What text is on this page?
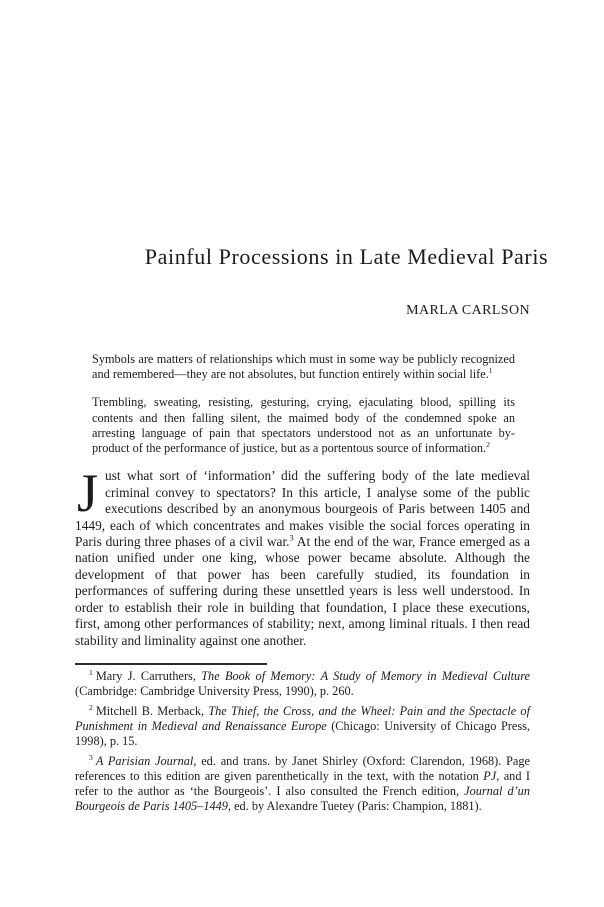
Painful Processions in Late Medieval Paris
MARLA CARLSON

Symbols are matters of relationships which must in some way be publicly recognized and remembered—they are not absolutes, but function entirely within social life.$^1$

Trembling, sweating, resisting, gesturing, crying, ejaculating blood, spilling its contents and then falling silent, the maimed body of the condemned spoke an arresting language of pain that spectators understood not as an unfortunate by-product of the performance of justice, but as a portentous source of information.$^2$

Just what sort of ‘information’ did the suffering body of the late medieval criminal convey to spectators? In this article, I analyse some of the public executions described by an anonymous bourgeois of Paris between 1405 and 1449, each of which concentrates and makes visible the social forces operating in Paris during three phases of a civil war.$^3$ At the end of the war, France emerged as a nation unified under one king, whose power became absolute. Although the development of that power has been carefully studied, its foundation in performances of suffering during these unsettled years is less well understood. In order to establish their role in building that foundation, I place these executions, first, among other performances of stability; next, among liminal rituals. I then read stability and liminality against one another.

$^1$ Mary J. Carruthers, The Book of Memory: A Study of Memory in Medieval Culture (Cambridge: Cambridge University Press, 1990), p. 260.

$^2$ Mitchell B. Merback, The Thief, the Cross, and the Wheel: Pain and the Spectacle of Punishment in Medieval and Renaissance Europe (Chicago: University of Chicago Press, 1998), p. 15.

$^3$ A Parisian Journal, ed. and trans. by Janet Shirley (Oxford: Clarendon, 1968). Page references to this edition are given parenthetically in the text, with the notation PJ, and I refer to the author as ‘the Bourgeois’. I also consulted the French edition, Journal d’un Bourgeois de Paris 1405–1449, ed. by Alexandre Tuetey (Paris: Champion, 1881).
